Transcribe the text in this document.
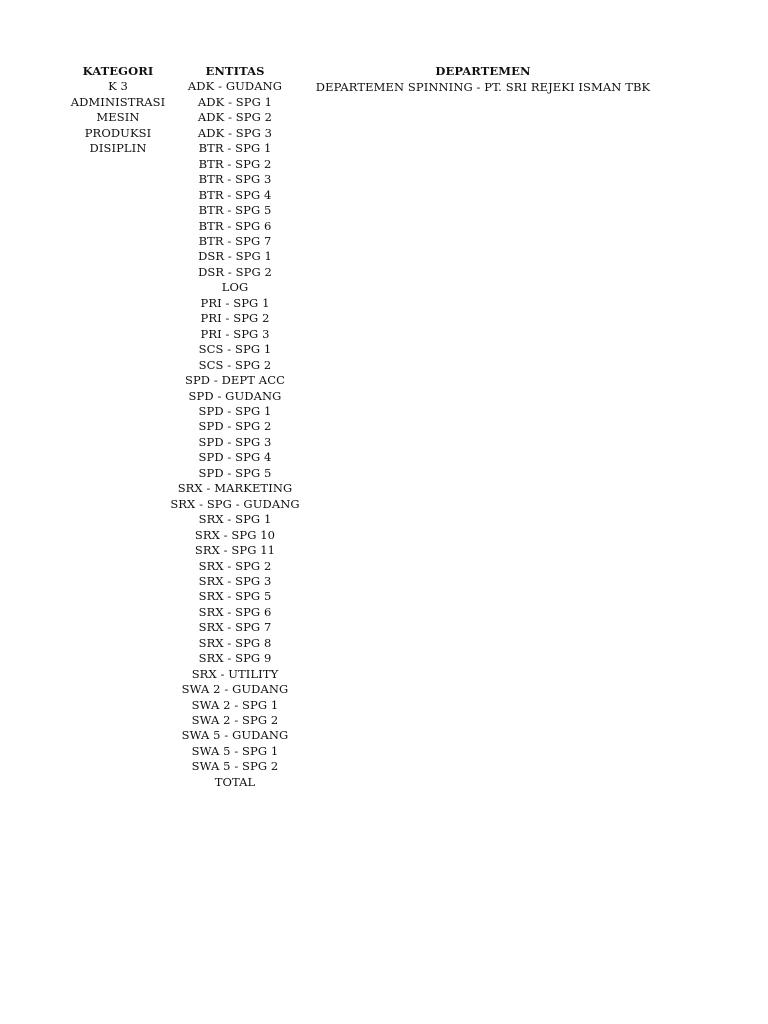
KATEGORI
K 3
ADMINISTRASI
MESIN
PRODUKSI
DISIPLIN
ENTITAS
ADK - GUDANG
ADK - SPG 1
ADK - SPG 2
ADK - SPG 3
BTR - SPG 1
BTR - SPG 2
BTR - SPG 3
BTR - SPG 4
BTR - SPG 5
BTR - SPG 6
BTR - SPG 7
DSR - SPG 1
DSR - SPG 2
LOG
PRI - SPG 1
PRI - SPG 2
PRI - SPG 3
SCS - SPG 1
SCS - SPG 2
SPD - DEPT ACC
SPD - GUDANG
SPD - SPG 1
SPD - SPG 2
SPD - SPG 3
SPD - SPG 4
SPD - SPG 5
SRX - MARKETING
SRX - SPG - GUDANG
SRX - SPG 1
SRX - SPG 10
SRX - SPG 11
SRX - SPG 2
SRX - SPG 3
SRX - SPG 5
SRX - SPG 6
SRX - SPG 7
SRX - SPG 8
SRX - SPG 9
SRX - UTILITY
SWA 2 - GUDANG
SWA 2 - SPG 1
SWA 2 - SPG 2
SWA 5 - GUDANG
SWA 5 - SPG 1
SWA 5 - SPG 2
TOTAL
DEPARTEMEN
DEPARTEMEN SPINNING - PT. SRI REJEKI ISMAN TBK
